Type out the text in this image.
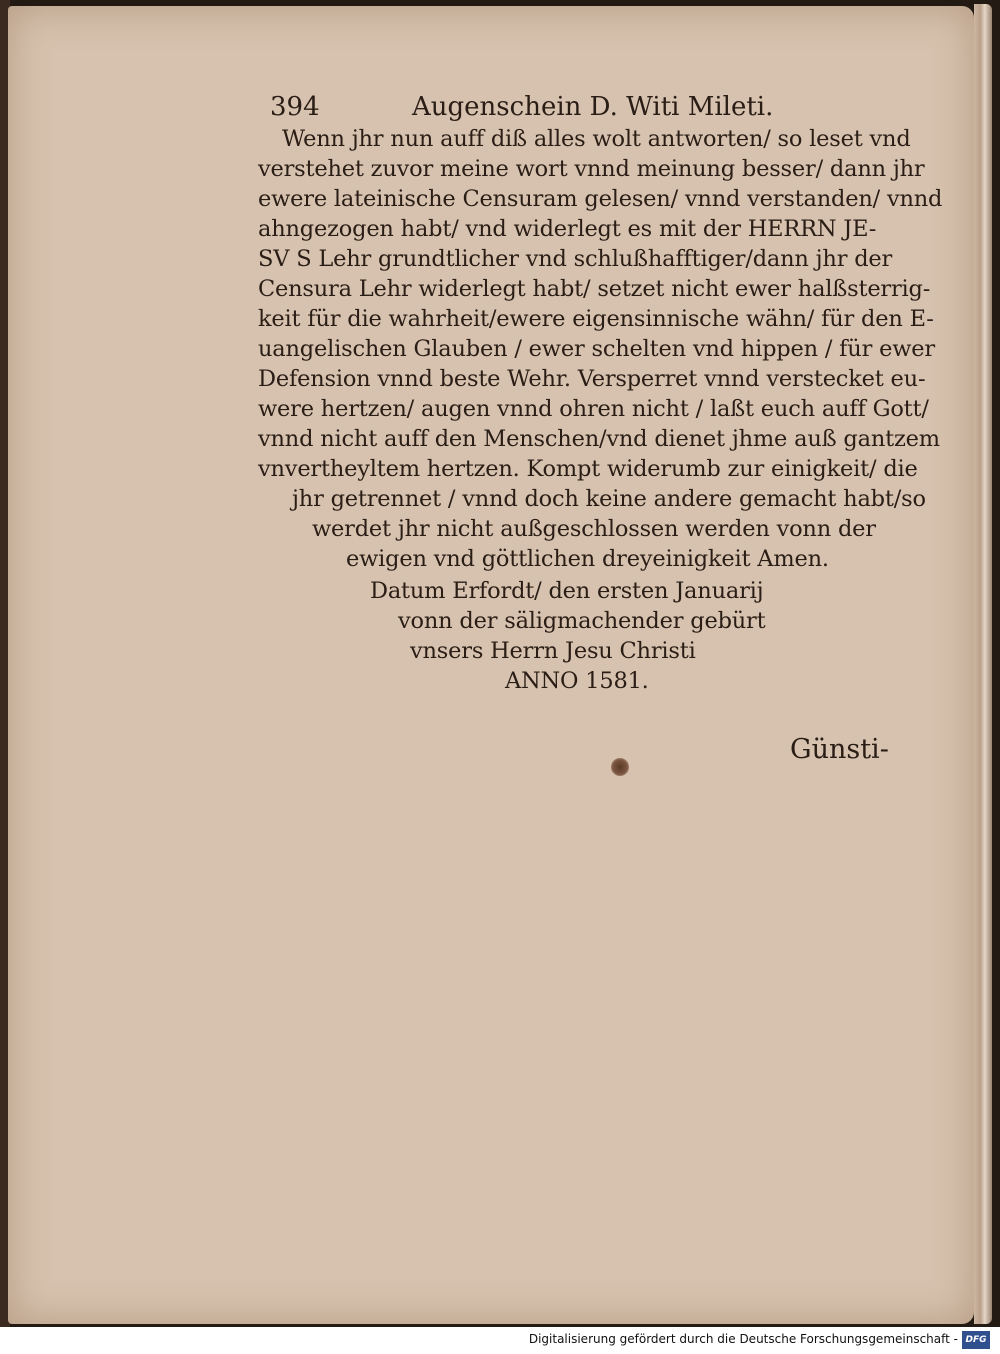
394	Augenschein D. Witi Mileti.
Wenn jhr nun auff diß alles wolt antworten/ so leset vnd
verstehet zuvor meine wort vnnd meinung besser/ dann jhr
ewere lateinische Censuram gelesen/ vnnd verstanden/ vnnd
ahngezogen habt/ vnd widerlegt es mit der HERRN JE-
SV S Lehr grundtlicher vnd schlußhafftiger/dann jhr der
Censura Lehr widerlegt habt/ setzet nicht ewer halßsterrig-
keit für die wahrheit/ewere eigensinnische wähn/ für den E-
uangelischen Glauben / ewer schelten vnd hippen / für ewer
Defension vnnd beste Wehr. Versperret vnnd verstecket eu-
were hertzen/ augen vnnd ohren nicht / laßt euch auff Gott/
vnnd nicht auff den Menschen/vnd dienet jhme auß gantzem
vnvertheyltem hertzen. Kompt widerumb zur einigkeit/ die
jhr getrennet / vnnd doch keine andere gemacht habt/so
werdet jhr nicht außgeschlossen werden vonn der
ewigen vnd göttlichen dreyeinigkeit Amen.
Datum Erfordt/ den ersten Januarij
vonn der säligmachender gebürt
vnsers Herrn Jesu Christi
ANNO 1581.
Günsti-
Digitalisierung gefördert durch die Deutsche Forschungsgemeinschaft - DFG
